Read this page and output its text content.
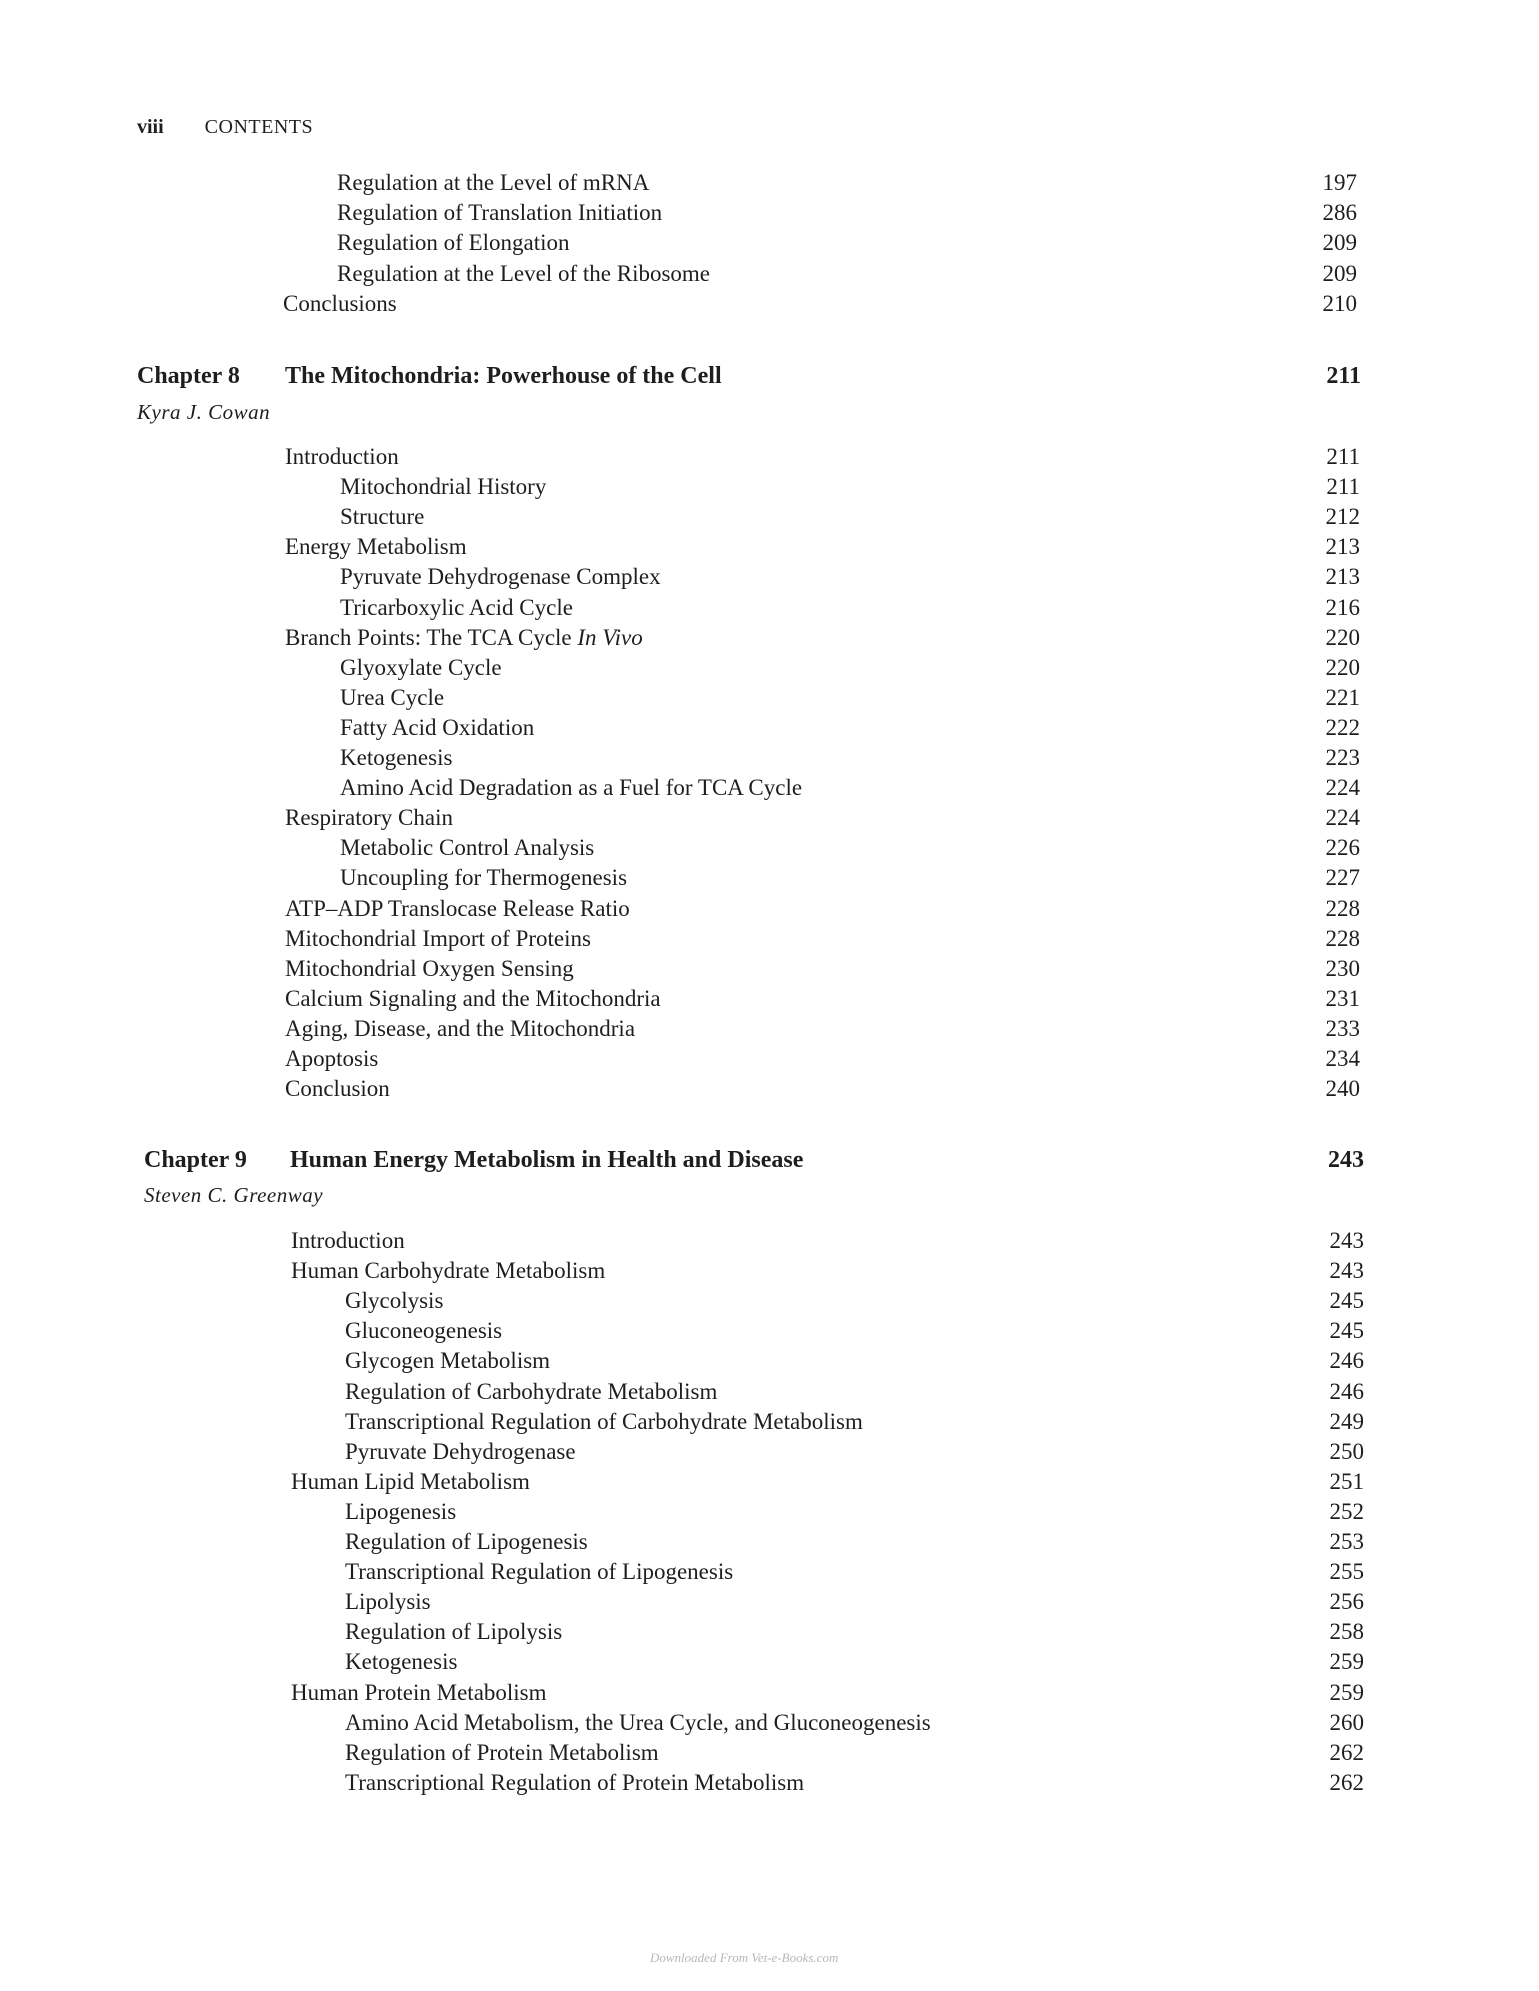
viii CONTENTS
Regulation at the Level of mRNA	197
Regulation of Translation Initiation	286
Regulation of Elongation	209
Regulation at the Level of the Ribosome	209
Conclusions	210
Chapter 8 The Mitochondria: Powerhouse of the Cell	211
Kyra J. Cowan
Introduction	211
Mitochondrial History	211
Structure	212
Energy Metabolism	213
Pyruvate Dehydrogenase Complex	213
Tricarboxylic Acid Cycle	216
Branch Points: The TCA Cycle In Vivo	220
Glyoxylate Cycle	220
Urea Cycle	221
Fatty Acid Oxidation	222
Ketogenesis	223
Amino Acid Degradation as a Fuel for TCA Cycle	224
Respiratory Chain	224
Metabolic Control Analysis	226
Uncoupling for Thermogenesis	227
ATP–ADP Translocase Release Ratio	228
Mitochondrial Import of Proteins	228
Mitochondrial Oxygen Sensing	230
Calcium Signaling and the Mitochondria	231
Aging, Disease, and the Mitochondria	233
Apoptosis	234
Conclusion	240
Chapter 9 Human Energy Metabolism in Health and Disease	243
Steven C. Greenway
Introduction	243
Human Carbohydrate Metabolism	243
Glycolysis	245
Gluconeogenesis	245
Glycogen Metabolism	246
Regulation of Carbohydrate Metabolism	246
Transcriptional Regulation of Carbohydrate Metabolism	249
Pyruvate Dehydrogenase	250
Human Lipid Metabolism	251
Lipogenesis	252
Regulation of Lipogenesis	253
Transcriptional Regulation of Lipogenesis	255
Lipolysis	256
Regulation of Lipolysis	258
Ketogenesis	259
Human Protein Metabolism	259
Amino Acid Metabolism, the Urea Cycle, and Gluconeogenesis	260
Regulation of Protein Metabolism	262
Transcriptional Regulation of Protein Metabolism	262
Downloaded From Vet-e-Books.com
